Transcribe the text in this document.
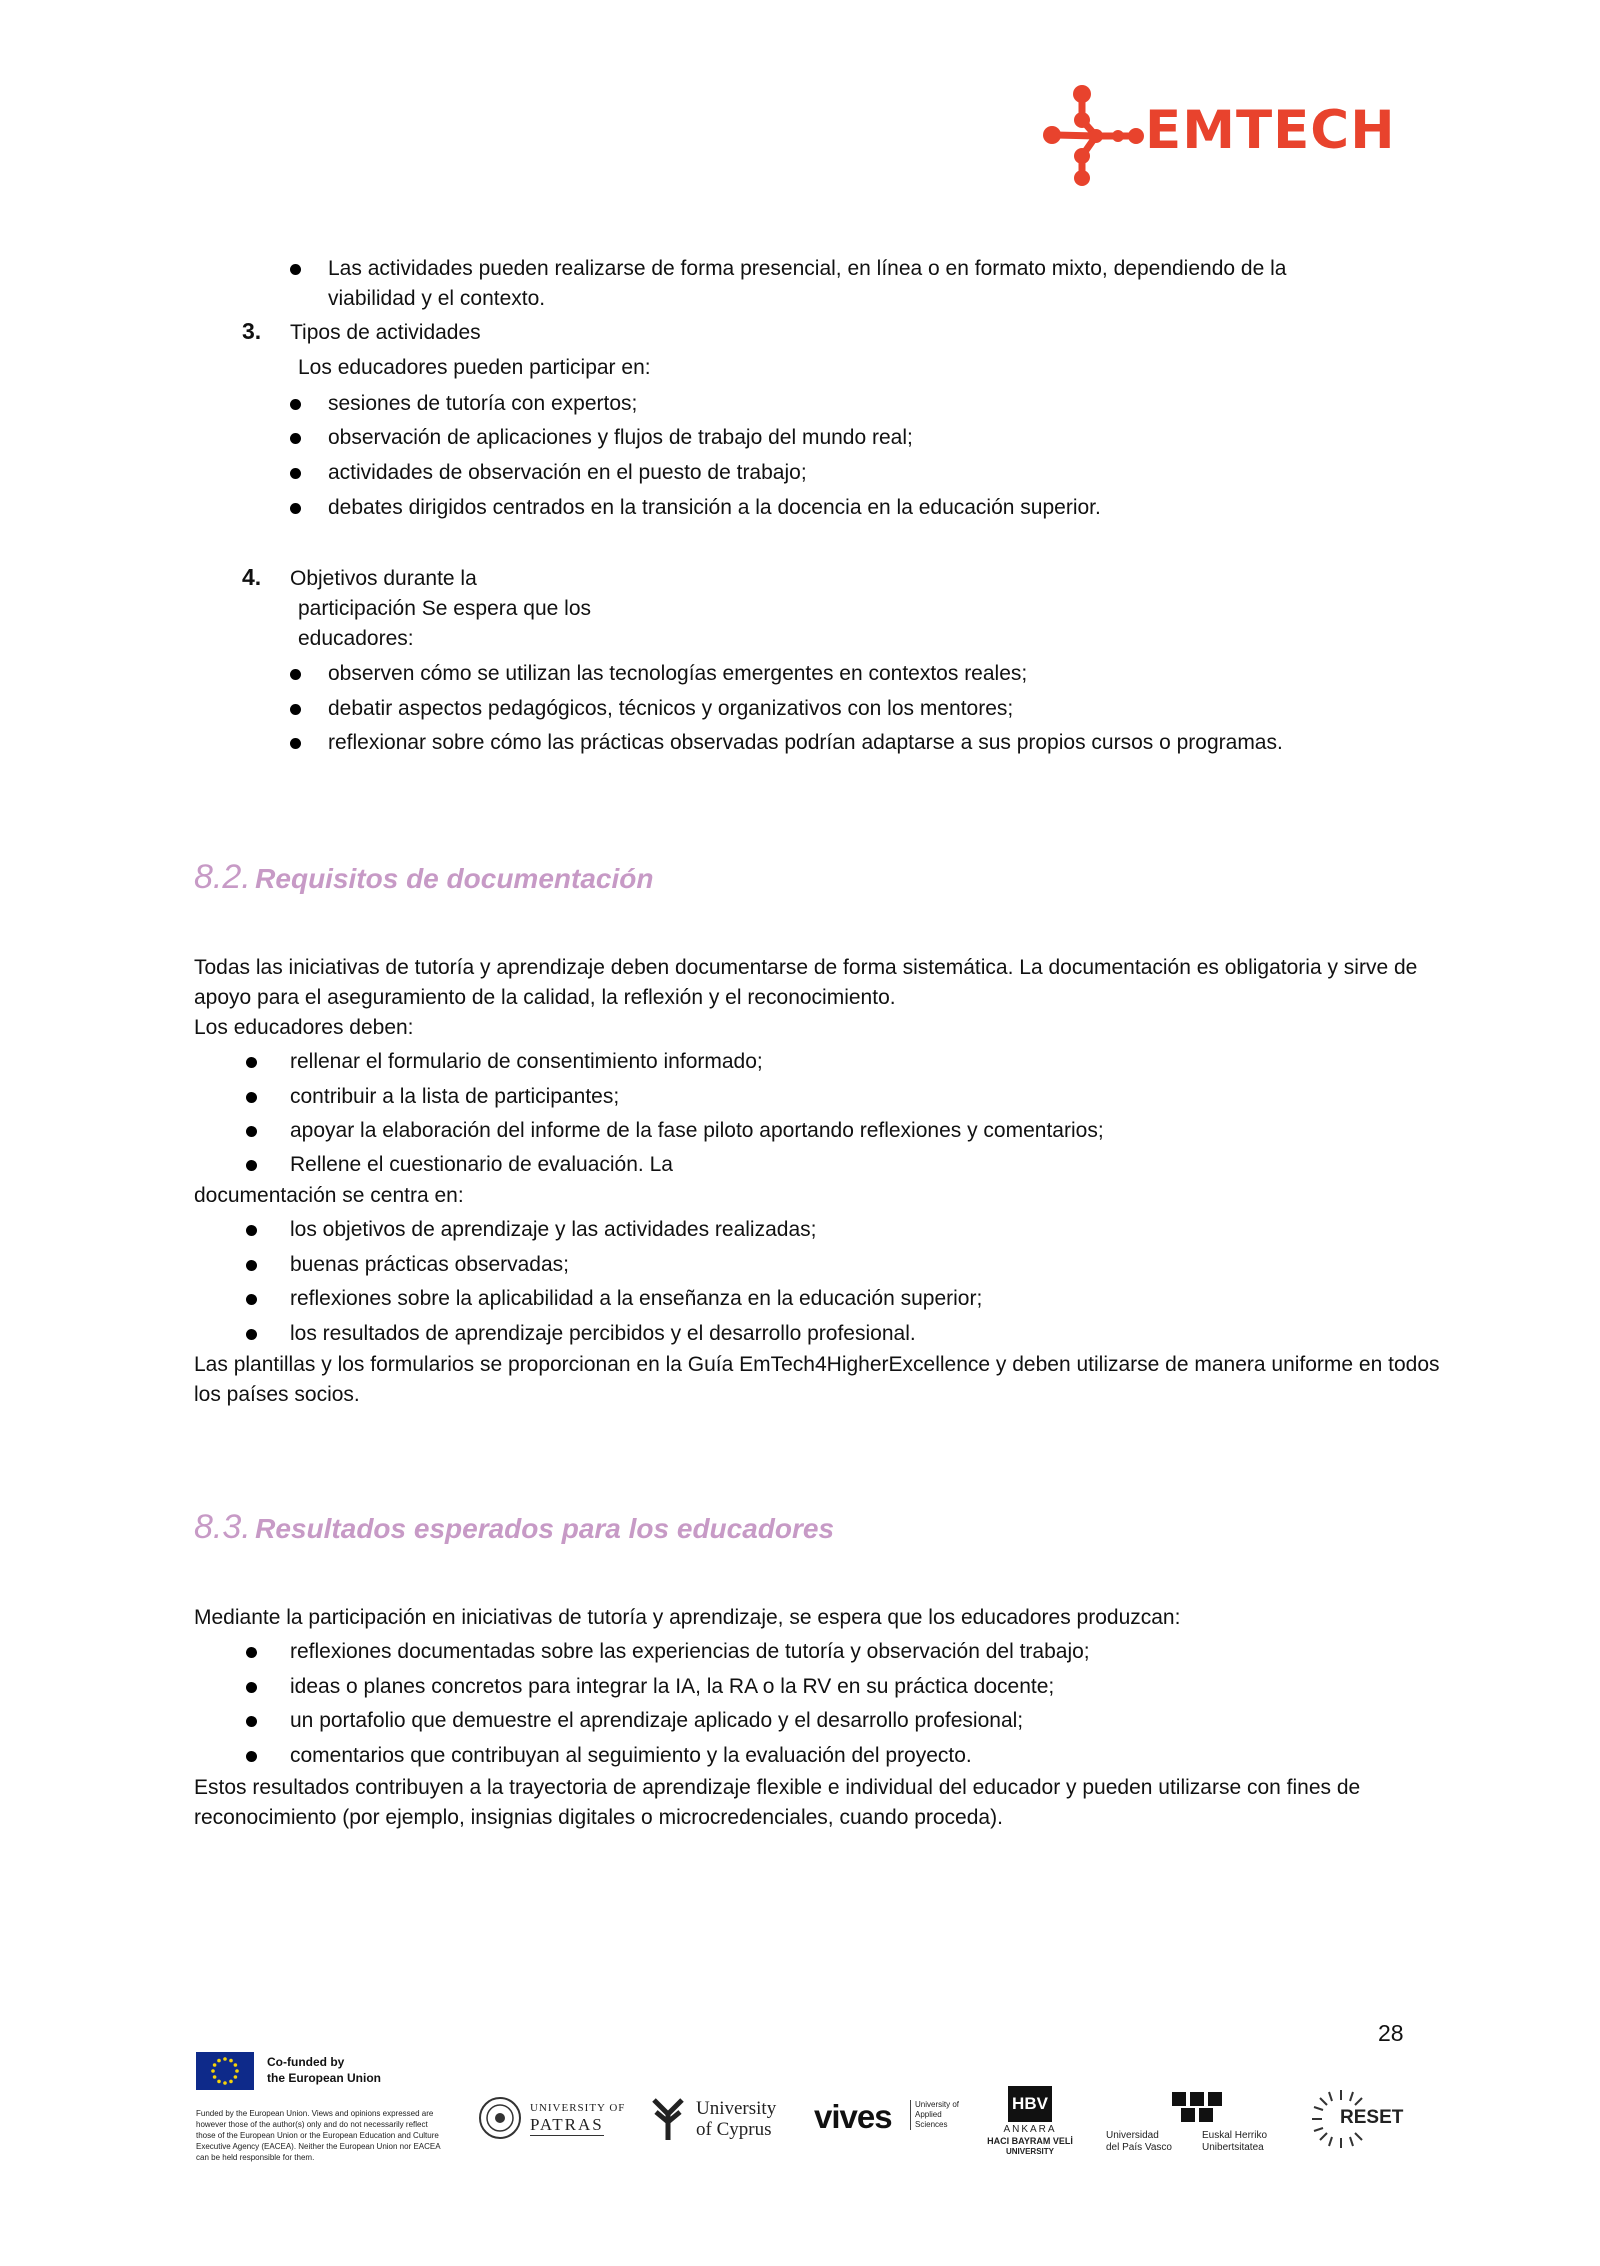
EMTECH
Las actividades pueden realizarse de forma presencial, en línea o en formato mixto, dependiendo de la
viabilidad y el contexto.
3. Tipos de actividades
Los educadores pueden participar en:
sesiones de tutoría con expertos;
observación de aplicaciones y flujos de trabajo del mundo real;
actividades de observación en el puesto de trabajo;
debates dirigidos centrados en la transición a la docencia en la educación superior.
4. Objetivos durante la
participación Se espera que los
educadores:
observen cómo se utilizan las tecnologías emergentes en contextos reales;
debatir aspectos pedagógicos, técnicos y organizativos con los mentores;
reflexionar sobre cómo las prácticas observadas podrían adaptarse a sus propios cursos o programas.
8.2. Requisitos de documentación
Todas las iniciativas de tutoría y aprendizaje deben documentarse de forma sistemática. La documentación es obligatoria y sirve de apoyo para el aseguramiento de la calidad, la reflexión y el reconocimiento.
Los educadores deben:
rellenar el formulario de consentimiento informado;
contribuir a la lista de participantes;
apoyar la elaboración del informe de la fase piloto aportando reflexiones y comentarios;
Rellene el cuestionario de evaluación. La
documentación se centra en:
los objetivos de aprendizaje y las actividades realizadas;
buenas prácticas observadas;
reflexiones sobre la aplicabilidad a la enseñanza en la educación superior;
los resultados de aprendizaje percibidos y el desarrollo profesional.
Las plantillas y los formularios se proporcionan en la Guía EmTech4HigherExcellence y deben utilizarse de manera uniforme en todos los países socios.
8.3. Resultados esperados para los educadores
Mediante la participación en iniciativas de tutoría y aprendizaje, se espera que los educadores produzcan:
reflexiones documentadas sobre las experiencias de tutoría y observación del trabajo;
ideas o planes concretos para integrar la IA, la RA o la RV en su práctica docente;
un portafolio que demuestre el aprendizaje aplicado y el desarrollo profesional;
comentarios que contribuyan al seguimiento y la evaluación del proyecto.
Estos resultados contribuyen a la trayectoria de aprendizaje flexible e individual del educador y pueden utilizarse con fines de reconocimiento (por ejemplo, insignias digitales o microcredenciales, cuando proceda).
28
Co-funded by
the European Union
Funded by the European Union. Views and opinions expressed are however those of the author(s) only and do not necessarily reflect those of the European Union or the European Education and Culture Executive Agency (EACEA). Neither the European Union nor EACEA can be held responsible for them.
UNIVERSITY OF
PATRAS
University
of Cyprus vives	University of Applied Sciences
HBV
ANKARA
HACI BAYRAM VELİ
UNIVERSITY
Universidad
del País Vasco
Euskal Herriko
Unibertsitatea
RESET
